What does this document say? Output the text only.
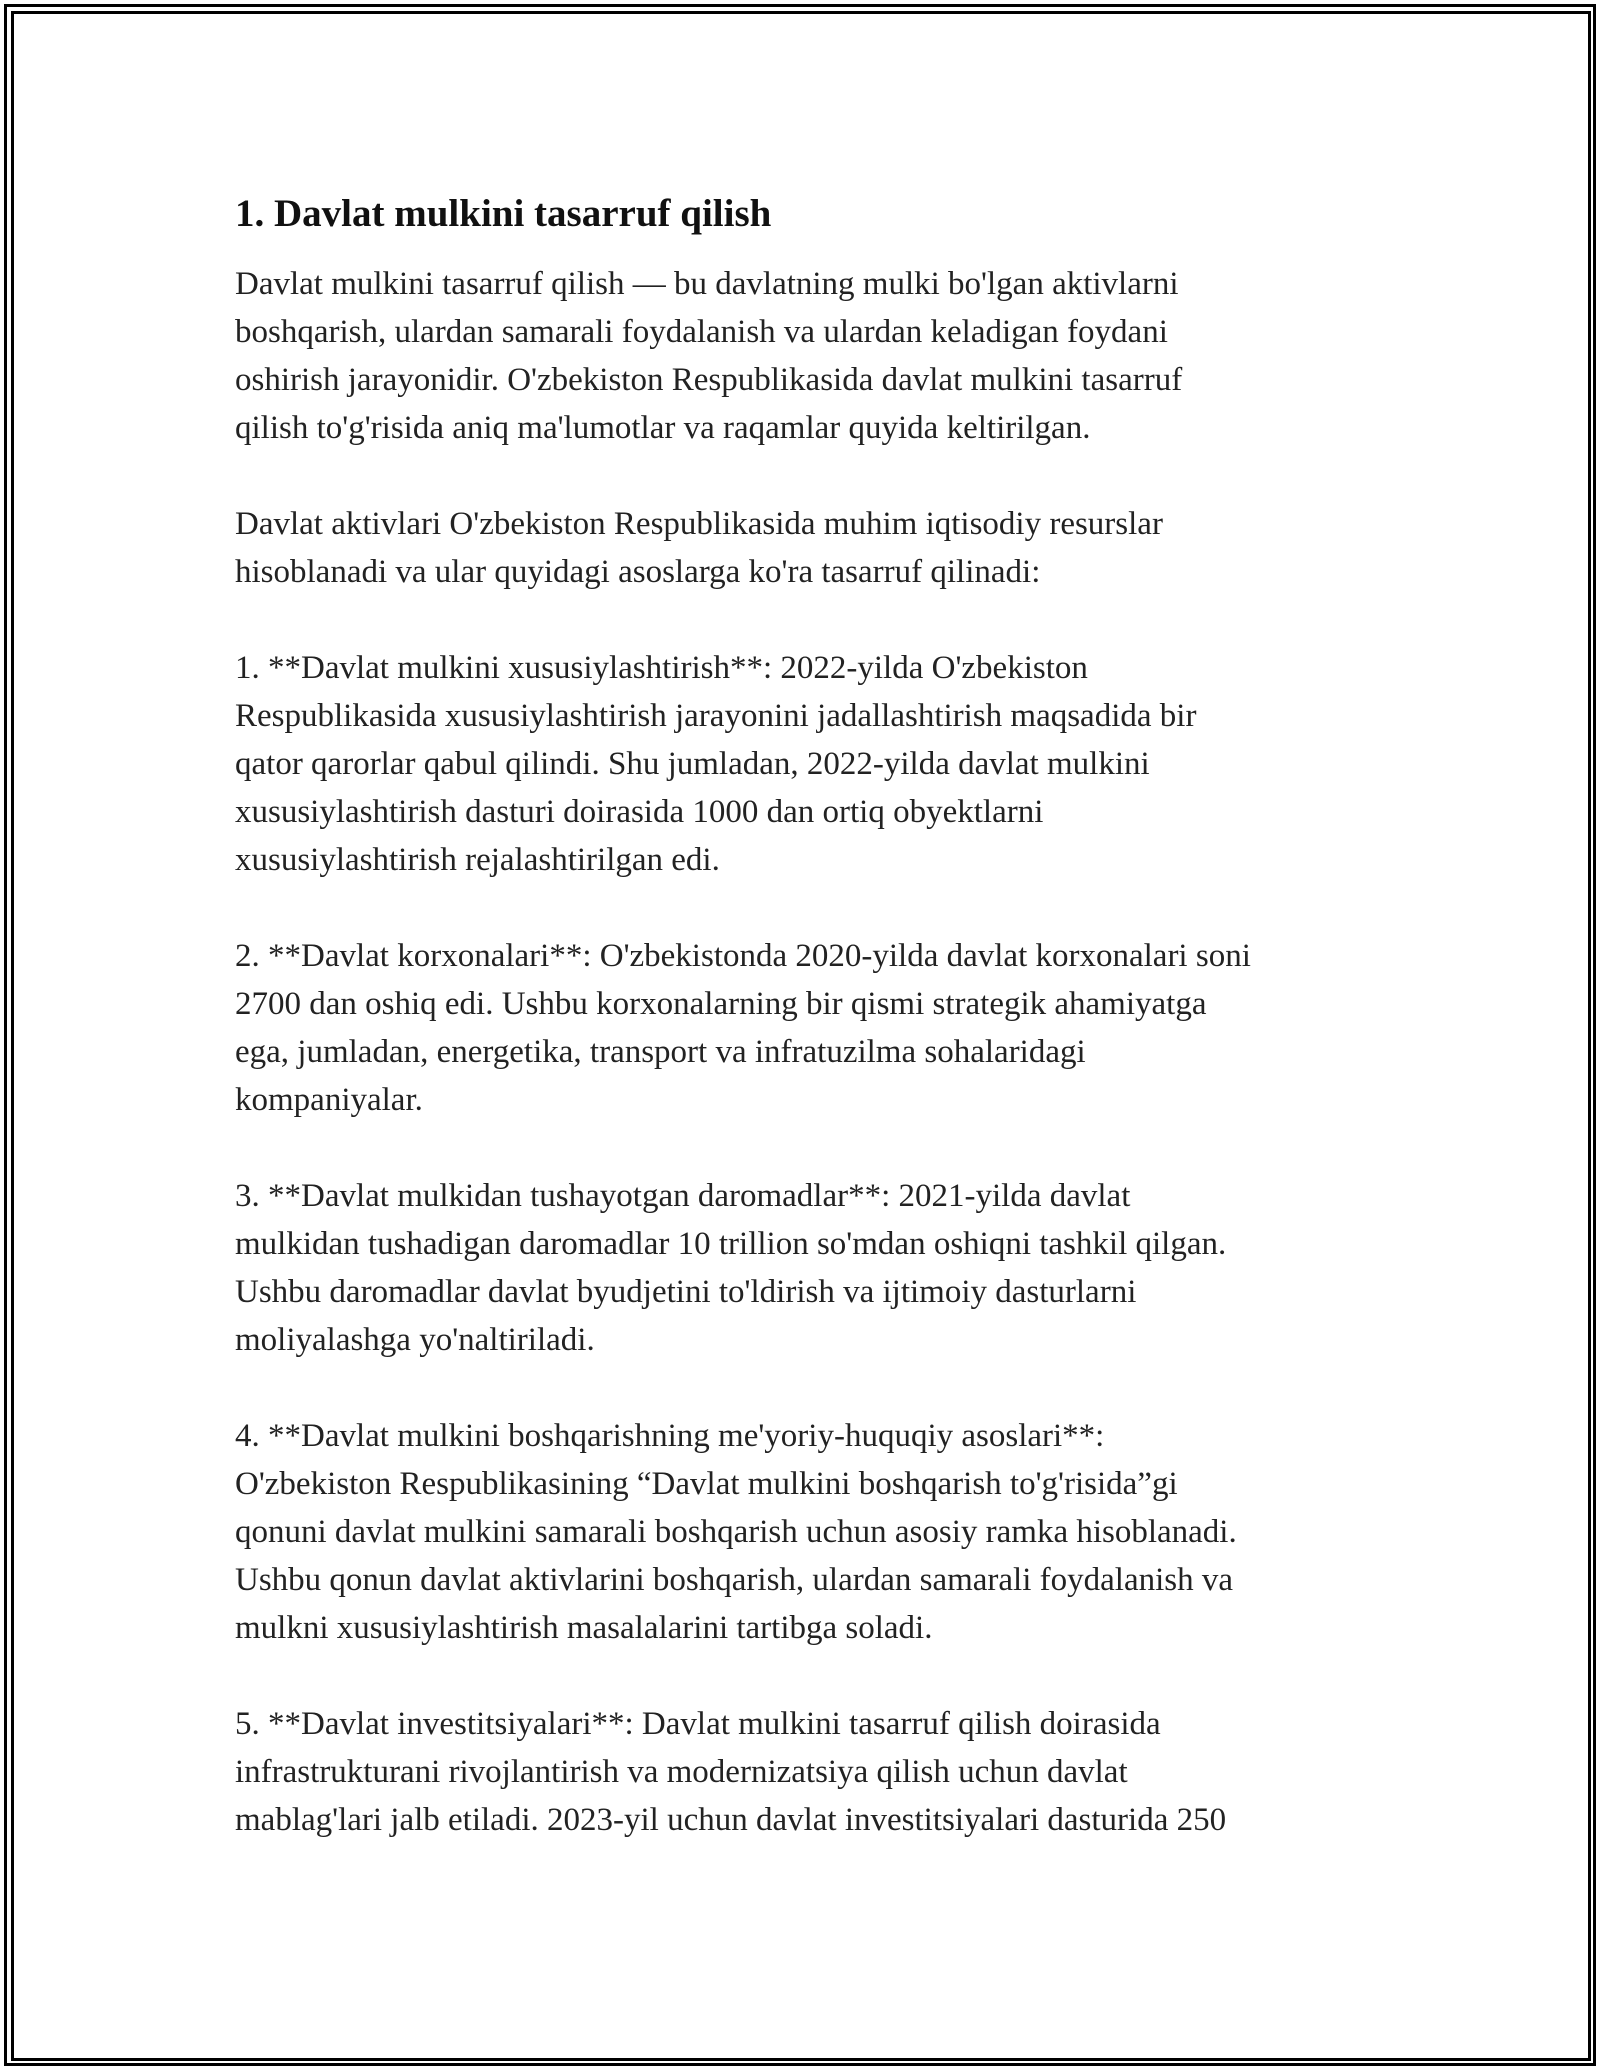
1. Davlat mulkini tasarruf qilish

Davlat mulkini tasarruf qilish — bu davlatning mulki bo'lgan aktivlarni
boshqarish, ulardan samarali foydalanish va ulardan keladigan foydani
oshirish jarayonidir. O'zbekiston Respublikasida davlat mulkini tasarruf
qilish to'g'risida aniq ma'lumotlar va raqamlar quyida keltirilgan.

Davlat aktivlari O'zbekiston Respublikasida muhim iqtisodiy resurslar
hisoblanadi va ular quyidagi asoslarga ko'ra tasarruf qilinadi:

1. **Davlat mulkini xususiylashtirish**: 2022-yilda O'zbekiston
Respublikasida xususiylashtirish jarayonini jadallashtirish maqsadida bir
qator qarorlar qabul qilindi. Shu jumladan, 2022-yilda davlat mulkini
xususiylashtirish dasturi doirasida 1000 dan ortiq obyektlarni
xususiylashtirish rejalashtirilgan edi.

2. **Davlat korxonalari**: O'zbekistonda 2020-yilda davlat korxonalari soni
2700 dan oshiq edi. Ushbu korxonalarning bir qismi strategik ahamiyatga
ega, jumladan, energetika, transport va infratuzilma sohalaridagi
kompaniyalar.

3. **Davlat mulkidan tushayotgan daromadlar**: 2021-yilda davlat
mulkidan tushadigan daromadlar 10 trillion so'mdan oshiqni tashkil qilgan.
Ushbu daromadlar davlat byudjetini to'ldirish va ijtimoiy dasturlarni
moliyalashga yo'naltiriladi.

4. **Davlat mulkini boshqarishning me'yoriy-huquqiy asoslari**:
O'zbekiston Respublikasining “Davlat mulkini boshqarish to'g'risida”gi
qonuni davlat mulkini samarali boshqarish uchun asosiy ramka hisoblanadi.
Ushbu qonun davlat aktivlarini boshqarish, ulardan samarali foydalanish va
mulkni xususiylashtirish masalalarini tartibga soladi.

5. **Davlat investitsiyalari**: Davlat mulkini tasarruf qilish doirasida
infrastrukturani rivojlantirish va modernizatsiya qilish uchun davlat
mablag'lari jalb etiladi. 2023-yil uchun davlat investitsiyalari dasturida 250
